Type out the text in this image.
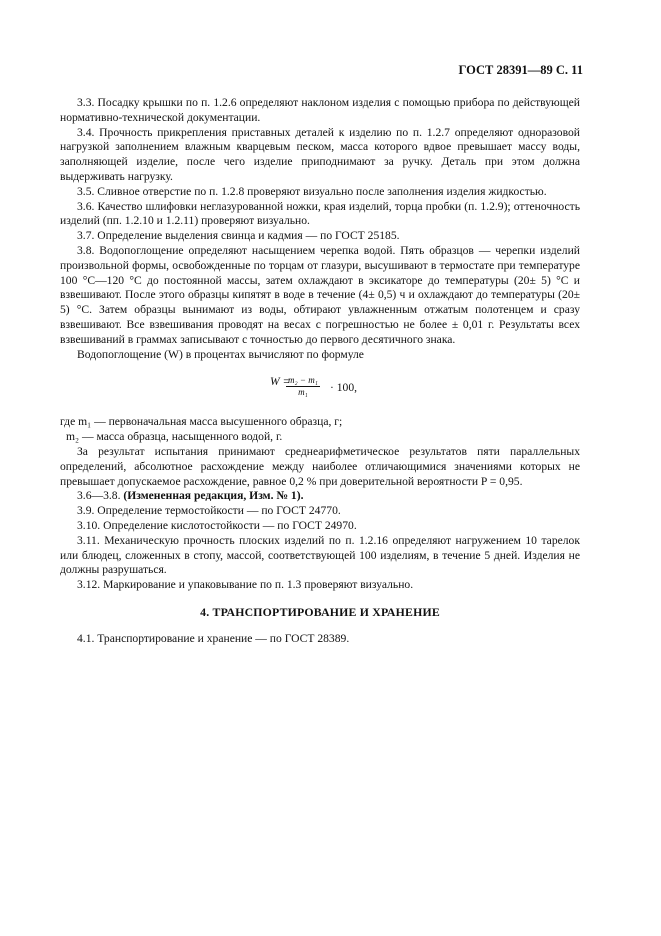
ГОСТ 28391—89 С. 11

3.3. Посадку крышки по п. 1.2.6 определяют наклоном изделия с помощью прибора по действующей нормативно-технической документации.

3.4. Прочность прикрепления приставных деталей к изделию по п. 1.2.7 определяют одноразовой нагрузкой заполнением влажным кварцевым песком, масса которого вдвое превышает массу воды, заполняющей изделие, после чего изделие приподнимают за ручку. Деталь при этом должна выдерживать нагрузку.

3.5. Сливное отверстие по п. 1.2.8 проверяют визуально после заполнения изделия жидкостью.

3.6. Качество шлифовки неглазурованной ножки, края изделий, торца пробки (п. 1.2.9); оттеночность изделий (пп. 1.2.10 и 1.2.11) проверяют визуально.

3.7. Определение выделения свинца и кадмия — по ГОСТ 25185.

3.8. Водопоглощение определяют насыщением черепка водой. Пять образцов — черепки изделий произвольной формы, освобожденные по торцам от глазури, высушивают в термостате при температуре 100 °С—120 °С до постоянной массы, затем охлаждают в эксикаторе до температуры (20± 5) °С и взвешивают. После этого образцы кипятят в воде в течение (4± 0,5) ч и охлаждают до температуры (20± 5) °С. Затем образцы вынимают из воды, обтирают увлажненным отжатым полотенцем и сразу взвешивают. Все взвешивания проводят на весах с погрешностью не более ± 0,01 г. Результаты всех взвешиваний в граммах записывают с точностью до первого десятичного знака.

Водопоглощение (W) в процентах вычисляют по формуле

W =
$\frac{\text{m₂ − m₁}}{\text{m₁}} \cdot 100$,

где m₁ — первоначальная масса высушенного образца, г;

m₂ — масса образца, насыщенного водой, г.

За результат испытания принимают среднеарифметическое результатов пяти параллельных определений, абсолютное расхождение между наиболее отличающимися значениями которых не превышает допускаемое расхождение, равное 0,2 % при доверительной вероятности P = 0,95.

3.6—3.8. (Измененная редакция, Изм. № 1).

3.9. Определение термостойкости — по ГОСТ 24770.

3.10. Определение кислотостойкости — по ГОСТ 24970.

3.11. Механическую прочность плоских изделий по п. 1.2.16 определяют нагружением 10 тарелок или блюдец, сложенных в стопу, массой, соответствующей 100 изделиям, в течение 5 дней. Изделия не должны разрушаться.

3.12. Маркирование и упаковывание по п. 1.3 проверяют визуально.

4. ТРАНСПОРТИРОВАНИЕ И ХРАНЕНИЕ

4.1. Транспортирование и хранение — по ГОСТ 28389.
